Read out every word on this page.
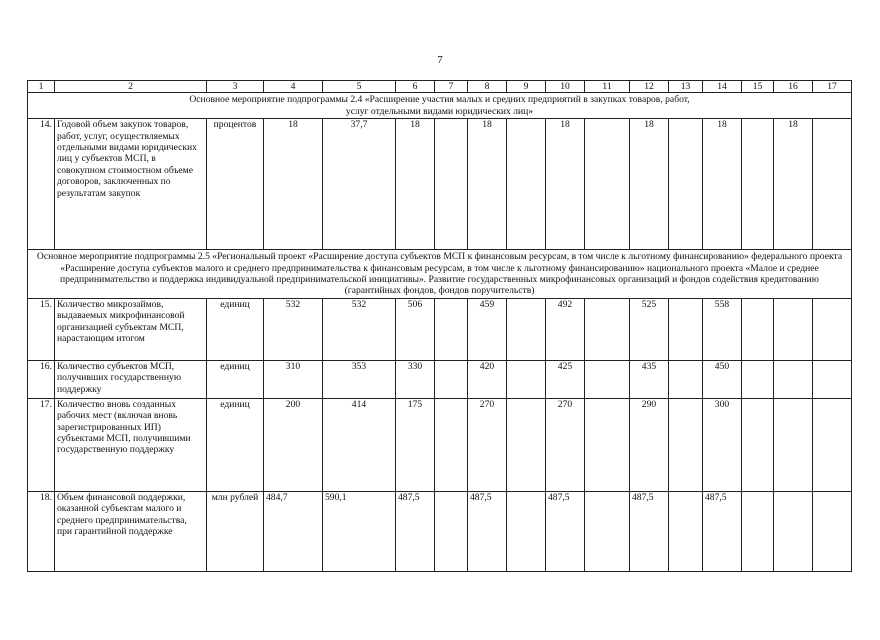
7
1	2	3	4	5	6	7	8	9	10	11	12	13	14	15	16	17
Основное мероприятие подпрограммы 2.4 «Расширение участия малых и средних предприятий в закупках товаров, работ, услуг отдельными видами юридических лиц»																
14.	Годовой объем закупок товаров, работ, услуг, осуществляемых отдельными видами юридических лиц у субъектов МСП, в совокупном стоимостном объеме договоров, заключенных по результатам закупок	процентов	18	37,7	18		18		18		18		18		18	
Основное мероприятие подпрограммы 2.5 «Региональный проект «Расширение доступа субъектов МСП к финансовым ресурсам, в том числе к льготному финансированию» федерального проекта «Расширение доступа субъектов малого и среднего предпринимательства к финансовым ресурсам, в том числе к льготному финансированию» национального проекта «Малое и среднее предпринимательство и поддержка индивидуальной предпринимательской инициативы». Развитие государственных микрофинансовых организаций и фондов содействия кредитованию (гарантийных фондов, фондов поручительств)																
15.	Количество микрозаймов, выдаваемых микрофинансовой организацией субъектам МСП, нарастающим итогом	единиц	532	532	506		459		492		525		558			
16.	Количество субъектов МСП, получивших государственную поддержку	единиц	310	353	330		420		425		435		450			
17.	Количество вновь созданных рабочих мест (включая вновь зарегистрированных ИП) субъектами МСП, получившими государственную поддержку	единиц	200	414	175		270		270		290		300			
18.	Объем финансовой поддержки, оказанной субъектам малого и среднего предпринимательства, при гарантийной поддержке	млн рублей	484,7	590,1	487,5		487,5		487,5		487,5		487,5			
